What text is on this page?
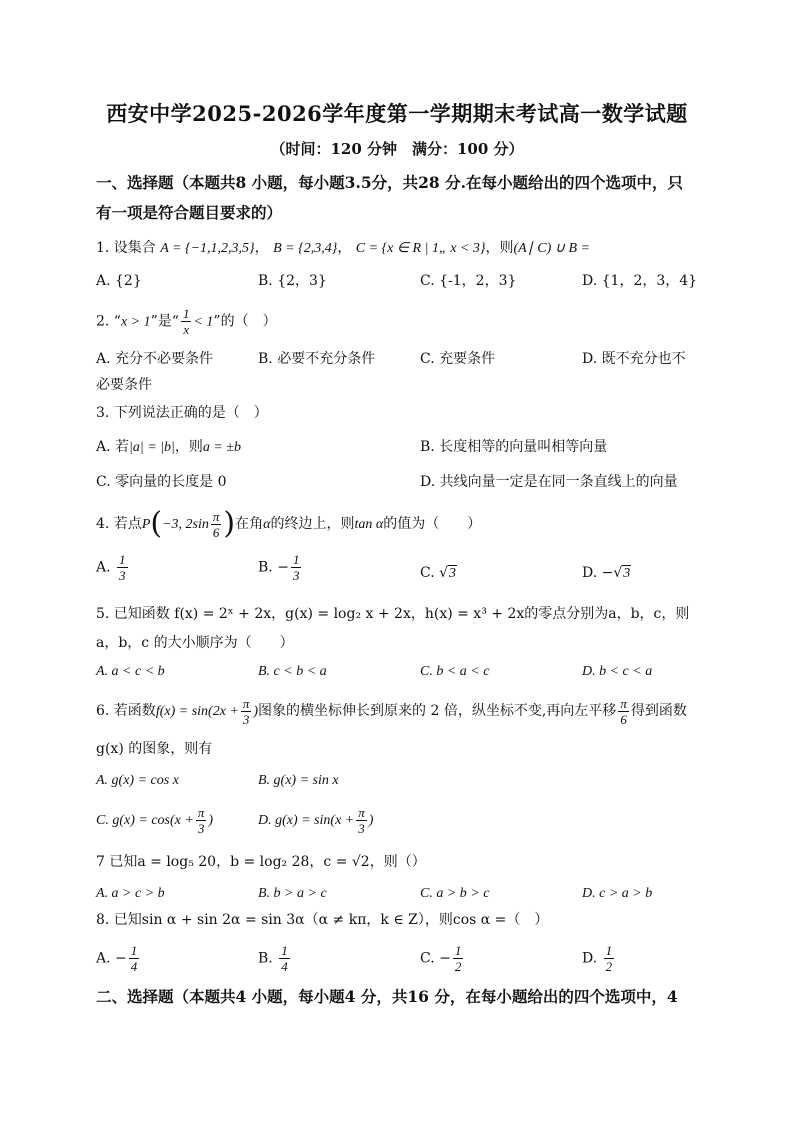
西安中学2025-2026学年度第一学期期末考试高一数学试题
（时间：120 分钟　满分：100 分）
一、选择题（本题共8 小题，每小题3.5分，共28 分.在每小题给出的四个选项中，只
有一项是符合题目要求的）
1. 设集合 A = {−1,1,2,3,5}， B = {2,3,4}， C = {x ∈ R | 1„ x < 3}，则(A∣ C) ∪ B =
A. {2}	B. {2，3}	C. {-1，2，3}	D. {1，2，3，4}
2. “x > 1”是“ $\frac{1}{x} < 1$”的（　）
A. 充分不必要条件	B. 必要不充分条件	C. 充要条件	D. 既不充分也不
必要条件
3. 下列说法正确的是（　）
A. 若|a| = |b|，则a = ±b	B. 长度相等的向量叫相等向量
C. 零向量的长度是 0	D. 共线向量一定是在同一条直线上的向量
4. 若点P(−3, $2\sin \frac{\pi}{6}$ )在角α的终边上，则tan α的值为（　　）
A. $\frac{1}{3}$	B. − $\frac{1}{3}$	C. √3	D. −√3
5. 已知函数 f(x) = 2ˣ + 2x，g(x) = log₂ x + 2x，h(x) = x³ + 2x的零点分别为a，b，c，则
a，b，c 的大小顺序为（　　）
A. a < c < b	B. c < b < a	C. b < a < c	D. b < c < a
6. 若函数$f(x) = \sin(2x + \frac{\pi}{3}$ )图象的横坐标伸长到原来的 2 倍，纵坐标不变,再向左平移 $\frac{\pi}{6}$ 得到函数
g(x) 的图象，则有
A. g(x) = cos x	B. g(x) = sin x
C. $g(x) = \cos(x + \frac{\pi}{3}$ )	D. $g(x) = \sin(x + \frac{\pi}{3}$ )
7 已知a = log₅ 20，b = log₂ 28，c = √2，则（）
A. a > c > b	B. b > a > c	C. a > b > c	D. c > a > b
8. 已知sin α + sin 2α = sin 3α（α ≠ kπ，k ∈ Z），则cos α =（　）
A. − $\frac{1}{4}$	B. $\frac{1}{4}$	C. − $\frac{1}{2}$	D. $\frac{1}{2}$
二、选择题（本题共4 小题，每小题4 分，共16 分，在每小题给出的四个选项中，4
